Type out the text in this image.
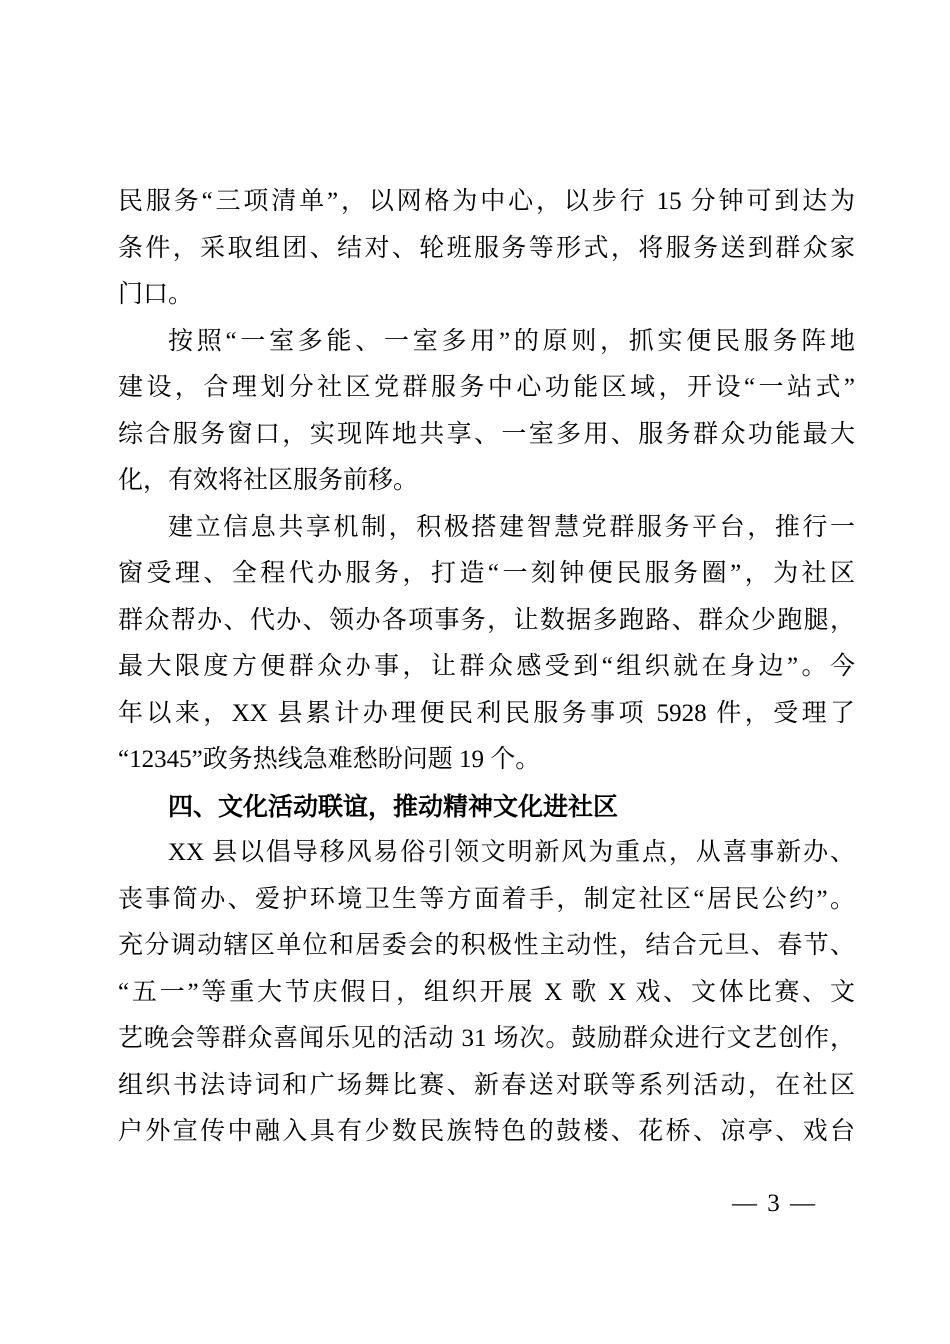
民服务“三项清单”，以网格为中心，以步行 15 分钟可到达为
条件，采取组团、结对、轮班服务等形式，将服务送到群众家
门口。
按照“一室多能、一室多用”的原则，抓实便民服务阵地
建设，合理划分社区党群服务中心功能区域，开设“一站式”
综合服务窗口，实现阵地共享、一室多用、服务群众功能最大
化，有效将社区服务前移。
建立信息共享机制，积极搭建智慧党群服务平台，推行一
窗受理、全程代办服务，打造“一刻钟便民服务圈”，为社区
群众帮办、代办、领办各项事务，让数据多跑路、群众少跑腿，
最大限度方便群众办事，让群众感受到“组织就在身边”。今
年以来，XX 县累计办理便民利民服务事项 5928 件，受理了
“12345”政务热线急难愁盼问题 19 个。
四、文化活动联谊，推动精神文化进社区
XX 县以倡导移风易俗引领文明新风为重点，从喜事新办、
丧事简办、爱护环境卫生等方面着手，制定社区“居民公约”。
充分调动辖区单位和居委会的积极性主动性，结合元旦、春节、
“五一”等重大节庆假日，组织开展 X 歌 X 戏、文体比赛、文
艺晚会等群众喜闻乐见的活动 31 场次。鼓励群众进行文艺创作，
组织书法诗词和广场舞比赛、新春送对联等系列活动，在社区
户外宣传中融入具有少数民族特色的鼓楼、花桥、凉亭、戏台
— 3 —
